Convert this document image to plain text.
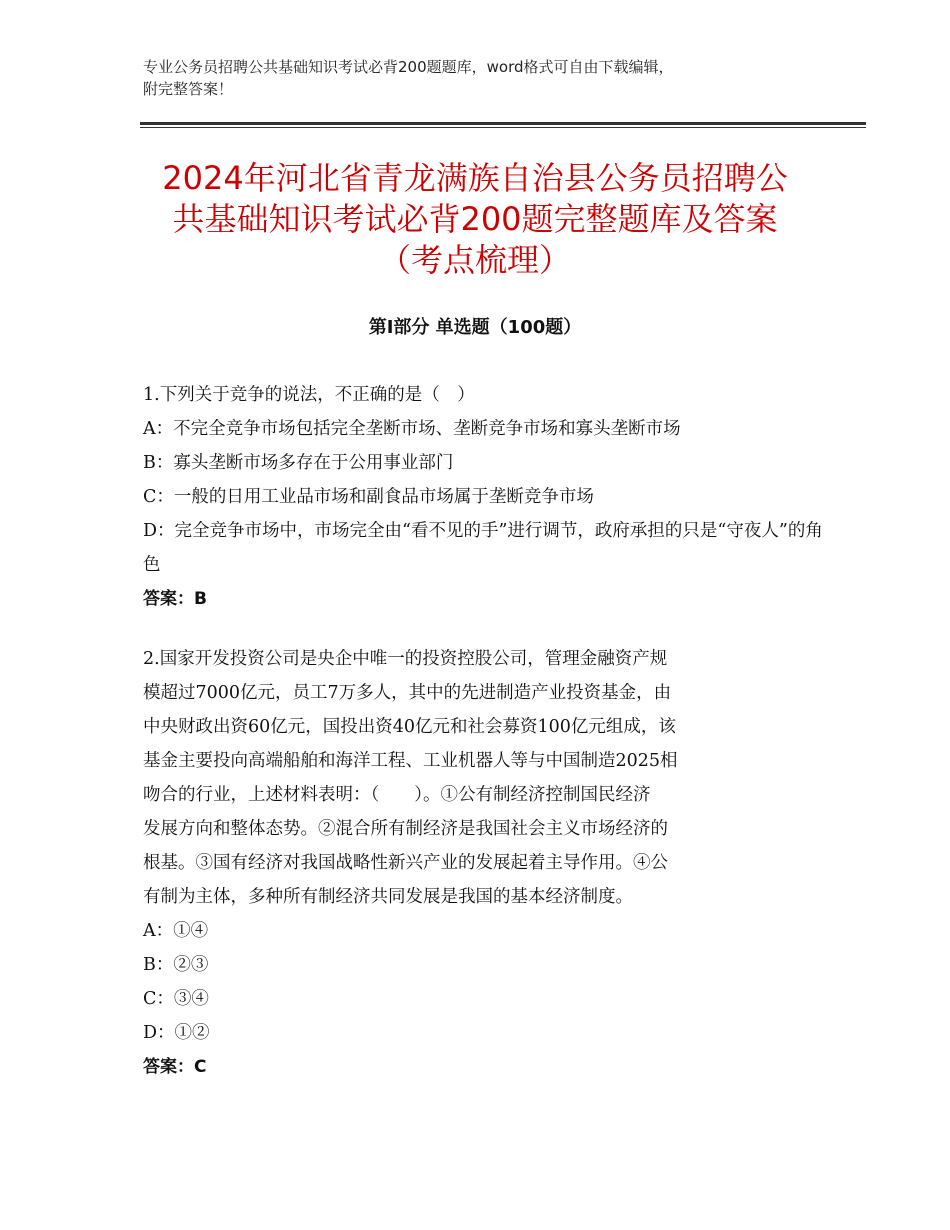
专业公务员招聘公共基础知识考试必背200题题库，word格式可自由下载编辑，
附完整答案！
2024年河北省青龙满族自治县公务员招聘公
共基础知识考试必背200题完整题库及答案
（考点梳理）
第Ⅰ部分 单选题（100题）
1.下列关于竞争的说法，不正确的是（　）
A：不完全竞争市场包括完全垄断市场、垄断竞争市场和寡头垄断市场
B：寡头垄断市场多存在于公用事业部门
C：一般的日用工业品市场和副食品市场属于垄断竞争市场
D：完全竞争市场中，市场完全由“看不见的手”进行调节，政府承担的只是“守夜人”的角色
答案：B
2.国家开发投资公司是央企中唯一的投资控股公司，管理金融资产规
模超过7000亿元，员工7万多人，其中的先进制造产业投资基金，由
中央财政出资60亿元，国投出资40亿元和社会募资100亿元组成，该
基金主要投向高端船舶和海洋工程、工业机器人等与中国制造2025相
吻合的行业，上述材料表明：（　　）。①公有制经济控制国民经济
发展方向和整体态势。②混合所有制经济是我国社会主义市场经济的
根基。③国有经济对我国战略性新兴产业的发展起着主导作用。④公
有制为主体，多种所有制经济共同发展是我国的基本经济制度。
A：①④
B：②③
C：③④
D：①②
答案：C
